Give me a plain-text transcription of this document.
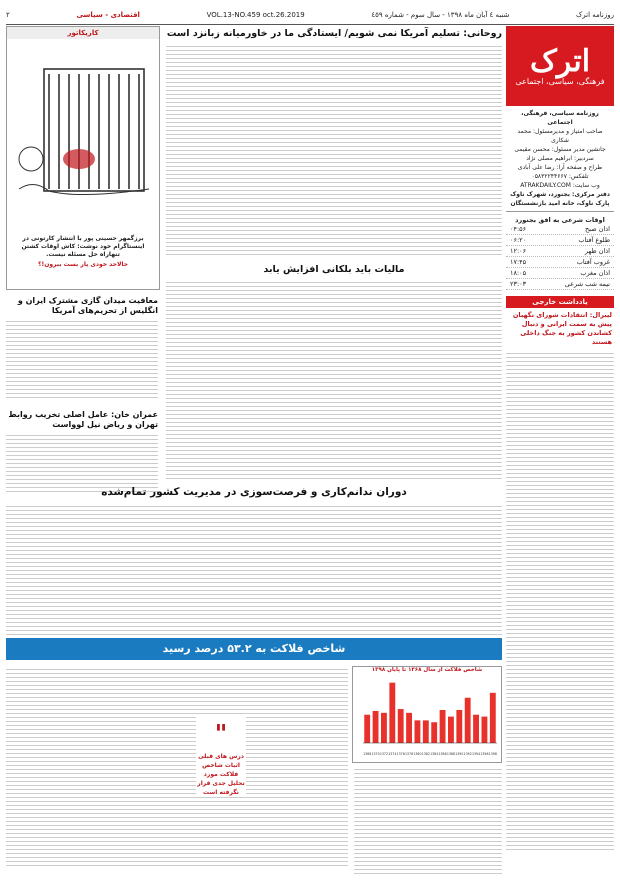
روزنامه اترک
شنبه ٤ آبان ماه ١٣٩٨ - سال سوم - شماره ٤٥٩
VOL.13-NO.459 oct.26.2019
اقتصادی - سیاسی
٢
اترک
فرهنگی، سیاسی، اجتماعی
روزنامه سیاسی، فرهنگی، اجتماعی
صاحب امتیاز و مدیرمسئول: محمد شکاری
جانشین مدیر مسئول: محسن مقیمی
سردبیر: ابراهیم مصلی نژاد
طراح و صفحه آرا: رضا علی آبادی
تلفکس: ۰۵۸۳۲۲۴۴۶۶۷
وب سایت: ATRAKDAILY.COM
دفتر مرکزی: بجنورد، شهرک ناوک
پارک ناوک، خانه امید بازنشستگان
اوقات شرعی به افق بجنورد
اذان صبح
۰۴:۵۶
طلوع آفتاب
۰۶:۲۰
اذان ظهر
۱۲:۰۶
غروب آفتاب
۱۷:۴۵
اذان مغرب
۱۸:۰۵
نیمه شب شرعی
۲۳:۰۳
یادداشت خارجی
لیبرال: انتقادات شورای نگهبان پیش به سمت ایرانی و دنبال کشاندن کشور به جنگ داخلی هستند
کاریکاتور
برزگمهر حسینی پور با انتشار کارتونی در اینستاگرام خود نوشت: کاش اوقات کشتن تنهاراه حل مسئله نیست.
حالاحد خودی یار بست ببرون!؟
روحانی: تسلیم آمریکا نمی شویم/ ایستادگی ما در خاورمیانه زبانزد است
مالیات باید بلکانی افزایش یابد
معافیت میدان گازی مشترک ایران و انگلیس از تحریم‌های آمریکا
عمران خان: عامل اصلی تخریب روابط تهران و ریاض نیل لوواست
دوران ندانم‌کاری و فرصت‌سوزی در مدیریت کشور تمام‌شده
شاخص فلاکت به ۵۳.۲ درصد رسید
شاخص فلاکت از سال ۱۳۶۸ تا پایان ۱۳۹۸
1368 1370 1372 1374 1376 1378 1380 1382 1384 1386 1388 1390 1392 1394 1396 1398
"
درس های قبلی اثبات شاخص فلاکت مورد تحلیل جدی قرار نگرفته است
